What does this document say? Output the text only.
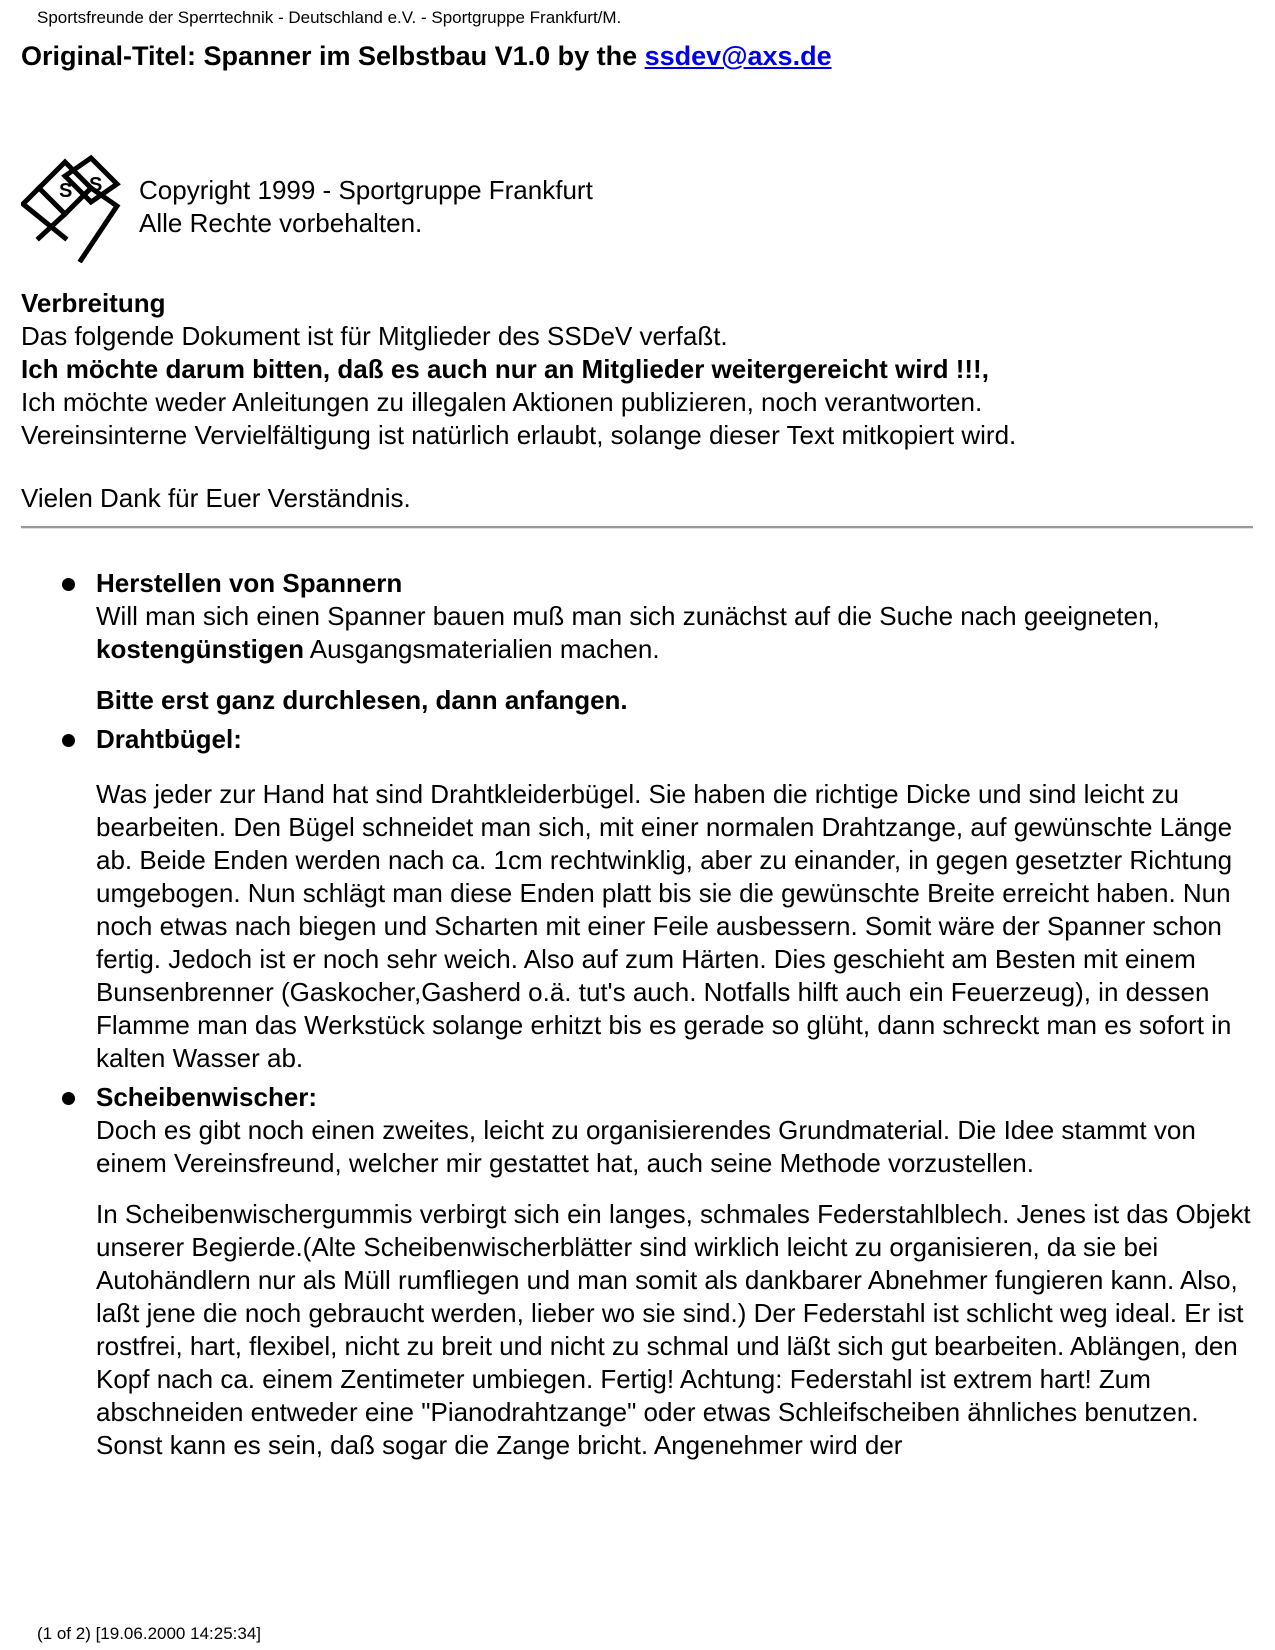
Sportsfreunde der Sperrtechnik - Deutschland e.V. - Sportgruppe Frankfurt/M.
Original-Titel: Spanner im Selbstbau V1.0 by the ssdev@axs.de
S S Copyright 1999 - Sportgruppe Frankfurt
Alle Rechte vorbehalten.

Verbreitung

Das folgende Dokument ist für Mitglieder des SSDeV verfaßt.

Ich möchte darum bitten, daß es auch nur an Mitglieder weitergereicht wird !!!,

Ich möchte weder Anleitungen zu illegalen Aktionen publizieren, noch verantworten.

Vereinsinterne Vervielfältigung ist natürlich erlaubt, solange dieser Text mitkopiert wird.

Vielen Dank für Euer Verständnis.

Herstellen von Spannern

Will man sich einen Spanner bauen muß man sich zunächst auf die Suche nach geeigneten, kostengünstigen Ausgangsmaterialien machen.

Bitte erst ganz durchlesen, dann anfangen.

Drahtbügel:

Was jeder zur Hand hat sind Drahtkleiderbügel. Sie haben die richtige Dicke und sind leicht zu bearbeiten. Den Bügel schneidet man sich, mit einer normalen Drahtzange, auf gewünschte Länge ab. Beide Enden werden nach ca. 1cm rechtwinklig, aber zu einander, in gegen gesetzter Richtung umgebogen. Nun schlägt man diese Enden platt bis sie die gewünschte Breite erreicht haben. Nun noch etwas nach biegen und Scharten mit einer Feile ausbessern. Somit wäre der Spanner schon fertig. Jedoch ist er noch sehr weich. Also auf zum Härten. Dies geschieht am Besten mit einem Bunsenbrenner (Gaskocher,Gasherd o.ä. tut's auch. Notfalls hilft auch ein Feuerzeug), in dessen Flamme man das Werkstück solange erhitzt bis es gerade so glüht, dann schreckt man es sofort in kalten Wasser ab.

Scheibenwischer:

Doch es gibt noch einen zweites, leicht zu organisierendes Grundmaterial. Die Idee stammt von einem Vereinsfreund, welcher mir gestattet hat, auch seine Methode vorzustellen.

In Scheibenwischergummis verbirgt sich ein langes, schmales Federstahlblech. Jenes ist das Objekt unserer Begierde.(Alte Scheibenwischerblätter sind wirklich leicht zu organisieren, da sie bei Autohändlern nur als Müll rumfliegen und man somit als dankbarer Abnehmer fungieren kann. Also, laßt jene die noch gebraucht werden, lieber wo sie sind.) Der Federstahl ist schlicht weg ideal. Er ist rostfrei, hart, flexibel, nicht zu breit und nicht zu schmal und läßt sich gut bearbeiten. Ablängen, den Kopf nach ca. einem Zentimeter umbiegen. Fertig! Achtung: Federstahl ist extrem hart! Zum abschneiden entweder eine "Pianodrahtzange" oder etwas Schleifscheiben ähnliches benutzen. Sonst kann es sein, daß sogar die Zange bricht. Angenehmer wird der

(1 of 2) [19.06.2000 14:25:34]
